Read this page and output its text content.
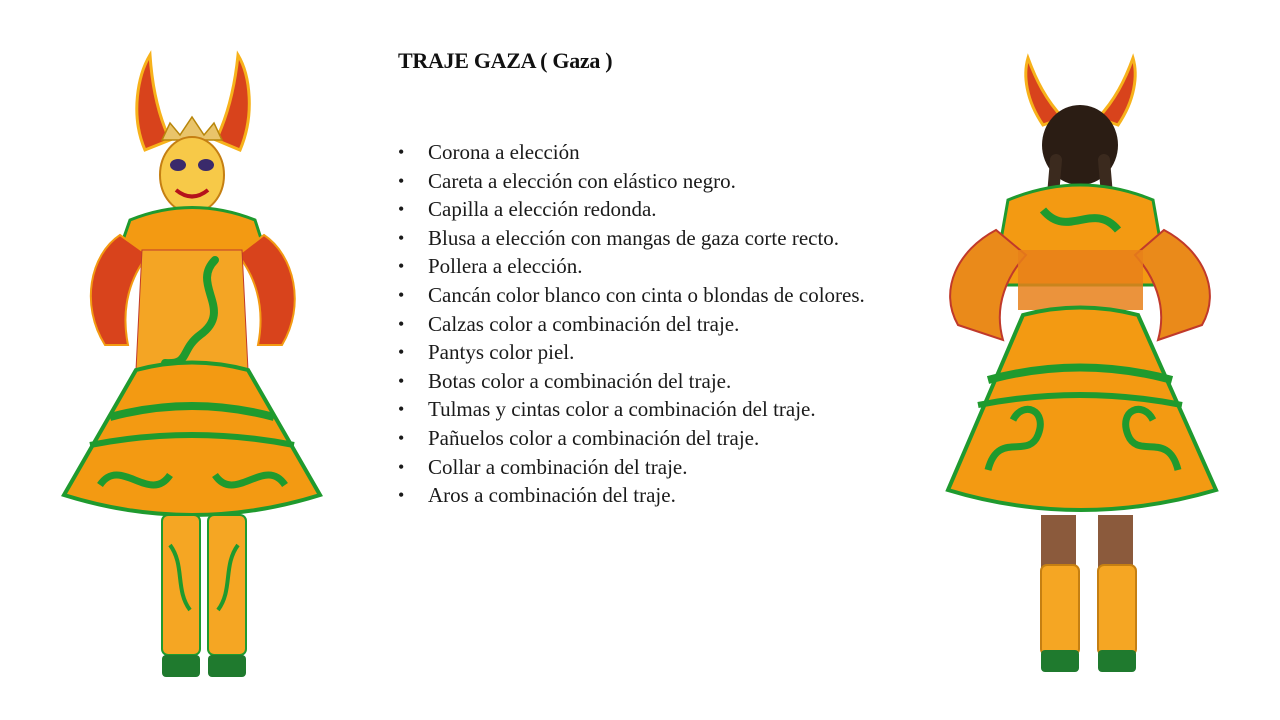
TRAJE GAZA ( Gaza )
• Corona a elección
• Careta a elección con elástico negro.
• Capilla a elección redonda.
• Blusa a elección con mangas de gaza corte recto.
• Pollera a elección.
• Cancán color blanco con cinta o blondas de colores.
• Calzas color a combinación del traje.
• Pantys color piel.
• Botas color a combinación del traje.
• Tulmas y cintas color a combinación del traje.
• Pañuelos color a combinación del traje.
• Collar a combinación del traje.
• Aros a combinación del traje.
